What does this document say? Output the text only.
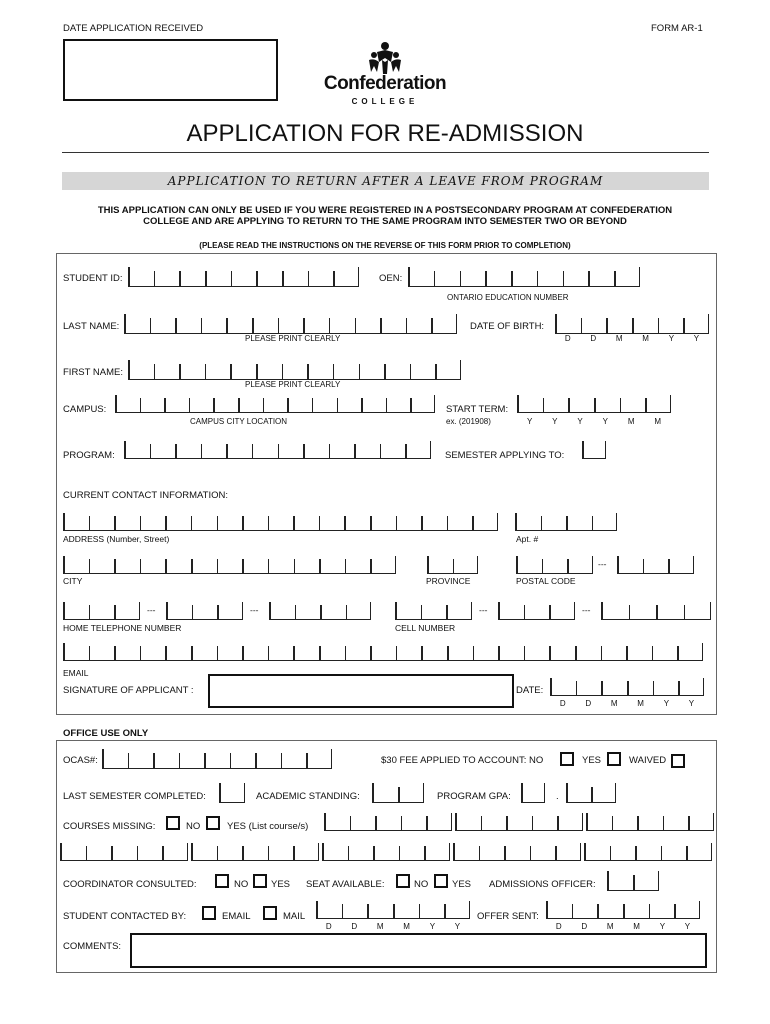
DATE APPLICATION RECEIVED	FORM AR-1
Confederation
COLLEGE
APPLICATION FOR RE-ADMISSION
APPLICATION TO RETURN AFTER A LEAVE FROM PROGRAM
THIS APPLICATION CAN ONLY BE USED IF YOU WERE REGISTERED IN A POSTSECONDARY PROGRAM AT CONFEDERATION
COLLEGE AND ARE APPLYING TO RETURN TO THE SAME PROGRAM INTO SEMESTER TWO OR BEYOND
(PLEASE READ THE INSTRUCTIONS ON THE REVERSE OF THIS FORM PRIOR TO COMPLETION)
STUDENT ID:	OEN:
ONTARIO EDUCATION NUMBER
LAST NAME:
PLEASE PRINT CLEARLY
DATE OF BIRTH:
D D M M Y Y
FIRST NAME:
PLEASE PRINT CLEARLY
CAMPUS:
CAMPUS CITY LOCATION
START TERM:
ex. (201908)	Y Y Y Y M M
PROGRAM:	SEMESTER APPLYING TO:
CURRENT CONTACT INFORMATION:
ADDRESS (Number, Street)	Apt. #
---
CITY	PROVINCE	POSTAL CODE
---	---	---	---
HOME TELEPHONE NUMBER	CELL NUMBER
EMAIL
SIGNATURE OF APPLICANT :	DATE:
D D M M Y Y
OFFICE USE ONLY
OCAS#:	$30 FEE APPLIED TO ACCOUNT: NO	YES	WAIVED
LAST SEMESTER COMPLETED:	ACADEMIC STANDING:	PROGRAM GPA:	.
COURSES MISSING:	NO	YES (List course/s)
COORDINATOR CONSULTED:	NO YES SEAT AVAILABLE:	NO	YES ADMISSIONS OFFICER:
STUDENT CONTACTED BY:	EMAIL	MAIL
D D M M Y Y
OFFER SENT:
D D M M Y Y
COMMENTS:
